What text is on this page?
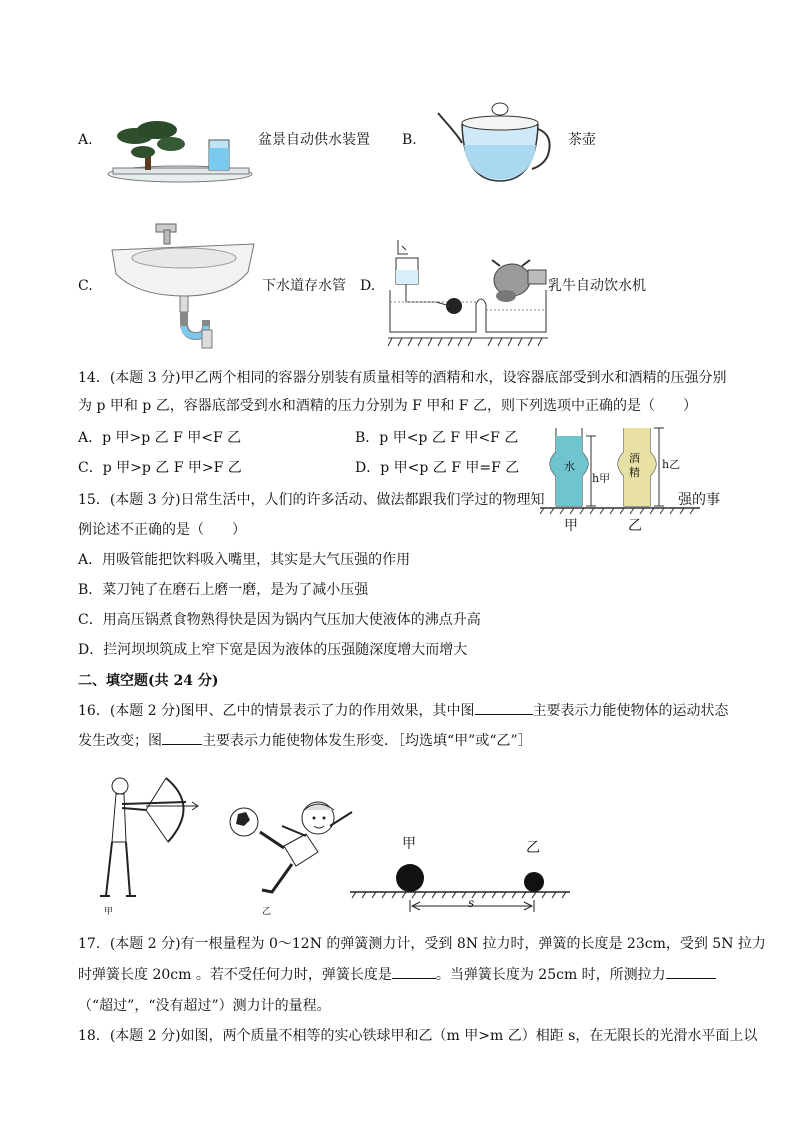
A.	盆景自动供水装置 B.	茶壶
C.	下水道存水管 D.	乳牛自动饮水机
14．(本题 3 分)甲乙两个相同的容器分别装有质量相等的酒精和水，设容器底部受到水和酒精的压强分别
为 p 甲和 p 乙，容器底部受到水和酒精的压力分别为 F 甲和 F 乙，则下列选项中正确的是（　　）
A．p 甲>p 乙 F 甲<F 乙	B．p 甲<p 乙 F 甲<F 乙
C．p 甲>p 乙 F 甲>F 乙	D．p 甲<p 乙 F 甲=F 乙	水
酒
精
h甲
h乙
甲	乙
15．(本题 3 分)日常生活中，人们的许多活动、做法都跟我们学过的物理知	强的事
例论述不正确的是（　　）
A．用吸管能把饮料吸入嘴里，其实是大气压强的作用
B．菜刀钝了在磨石上磨一磨，是为了减小压强
C．用高压锅煮食物熟得快是因为锅内气压加大使液体的沸点升高
D．拦河坝坝筑成上窄下宽是因为液体的压强随深度增大而增大
二、填空题(共 24 分)
16．(本题 2 分)图甲、乙中的情景表示了力的作用效果，其中图	主要表示力能使物体的运动状态
发生改变；图	主要表示力能使物体发生形变．［均选填“甲”或“乙”］
甲	乙
甲	乙
s
17．(本题 2 分)有一根量程为 0～12N 的弹簧测力计，受到 8N 拉力时，弹簧的长度是 23cm，受到 5N 拉力
时弹簧长度 20cm 。若不受任何力时，弹簧长度是	。当弹簧长度为 25cm 时，所测拉力
（“超过”，“没有超过”）测力计的量程。
18．(本题 2 分)如图，两个质量不相等的实心铁球甲和乙（m 甲>m 乙）相距 s，在无限长的光滑水平面上以
